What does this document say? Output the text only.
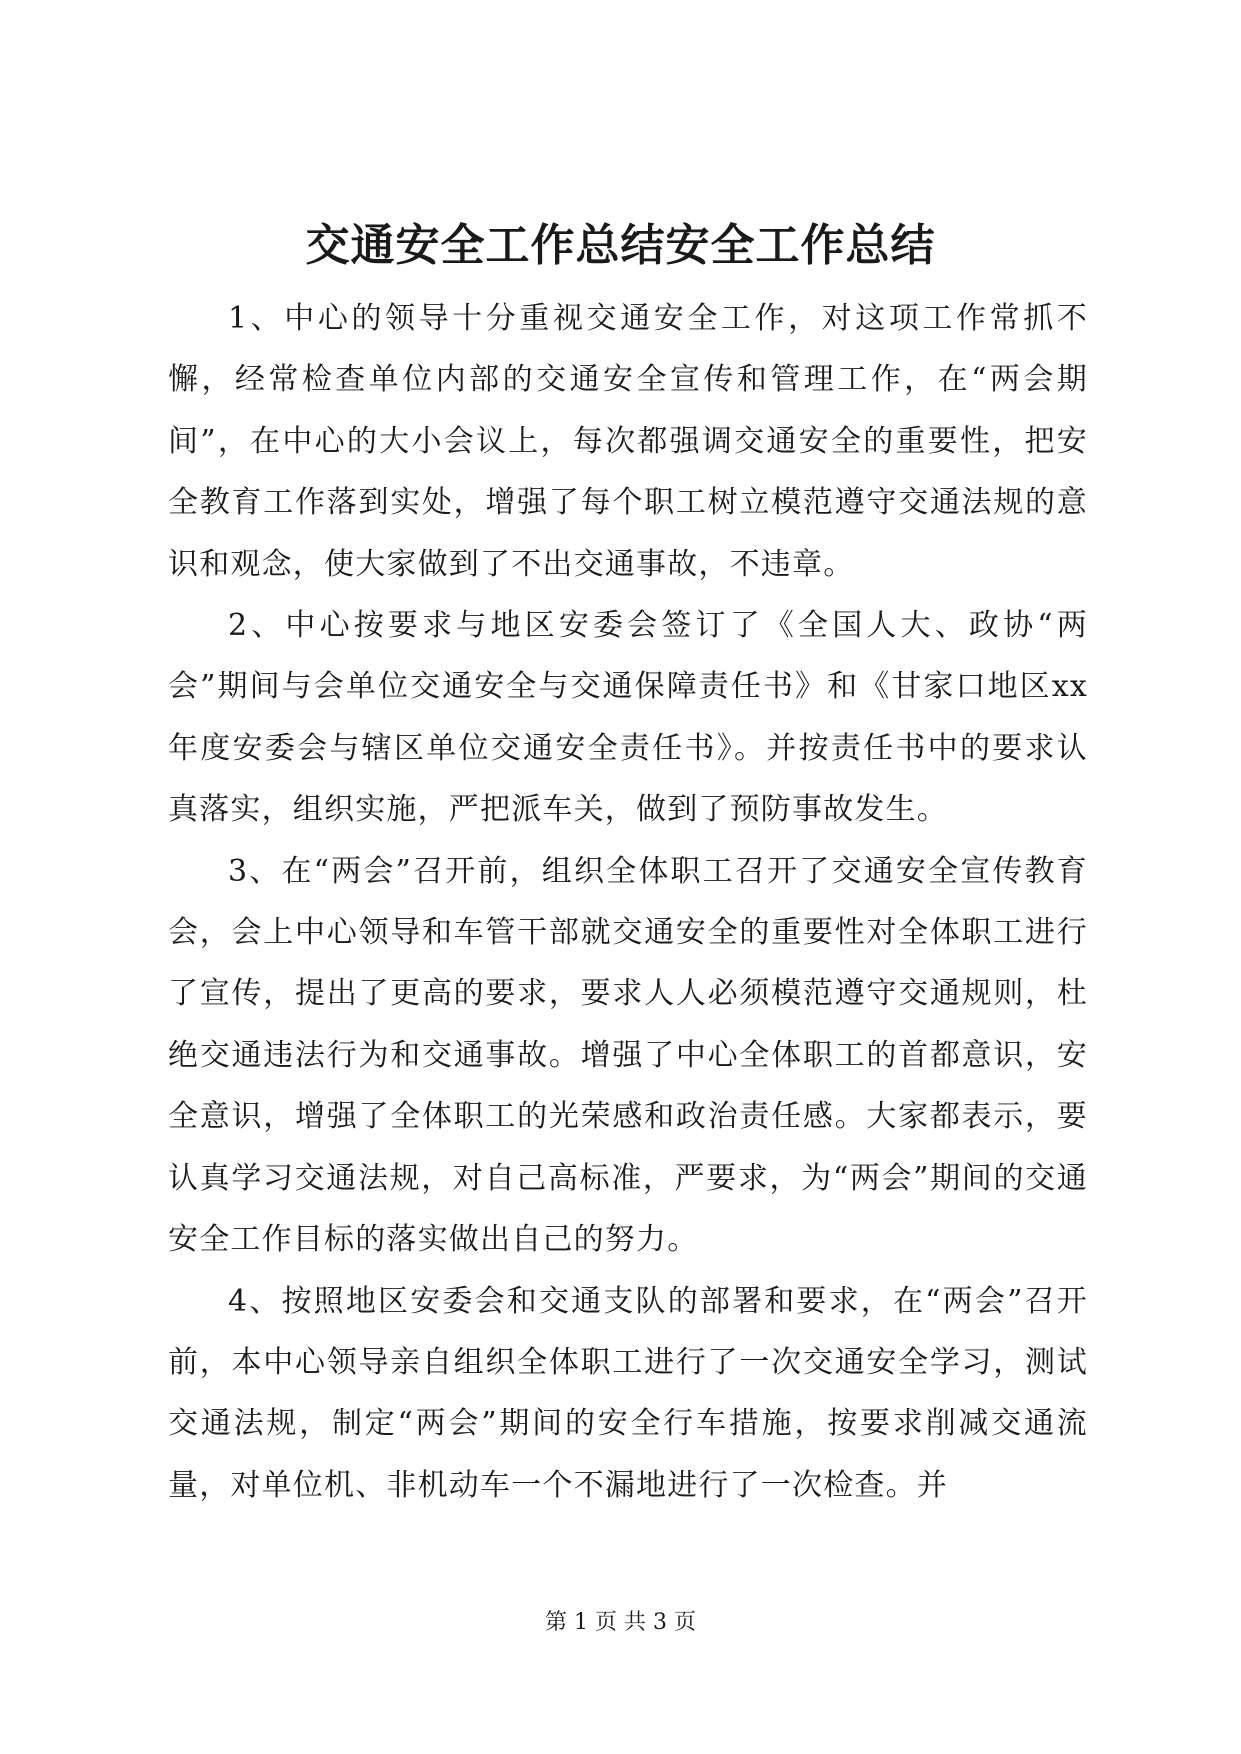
交通安全工作总结安全工作总结

1、中心的领导十分重视交通安全工作，对这项工作常抓不懈，经常检查单位内部的交通安全宣传和管理工作，在“两会期间”，在中心的大小会议上，每次都强调交通安全的重要性，把安全教育工作落到实处，增强了每个职工树立模范遵守交通法规的意识和观念，使大家做到了不出交通事故，不违章。

2、中心按要求与地区安委会签订了《全国人大、政协“两会”期间与会单位交通安全与交通保障责任书》和《甘家口地区xx年度安委会与辖区单位交通安全责任书》。并按责任书中的要求认真落实，组织实施，严把派车关，做到了预防事故发生。

3、在“两会”召开前，组织全体职工召开了交通安全宣传教育会，会上中心领导和车管干部就交通安全的重要性对全体职工进行了宣传，提出了更高的要求，要求人人必须模范遵守交通规则，杜绝交通违法行为和交通事故。增强了中心全体职工的首都意识，安全意识，增强了全体职工的光荣感和政治责任感。大家都表示，要认真学习交通法规，对自己高标准，严要求，为“两会”期间的交通安全工作目标的落实做出自己的努力。

4、按照地区安委会和交通支队的部署和要求，在“两会”召开前，本中心领导亲自组织全体职工进行了一次交通安全学习，测试交通法规，制定“两会”期间的安全行车措施，按要求削减交通流量，对单位机、非机动车一个不漏地进行了一次检查。并

第 1 页 共 3 页
